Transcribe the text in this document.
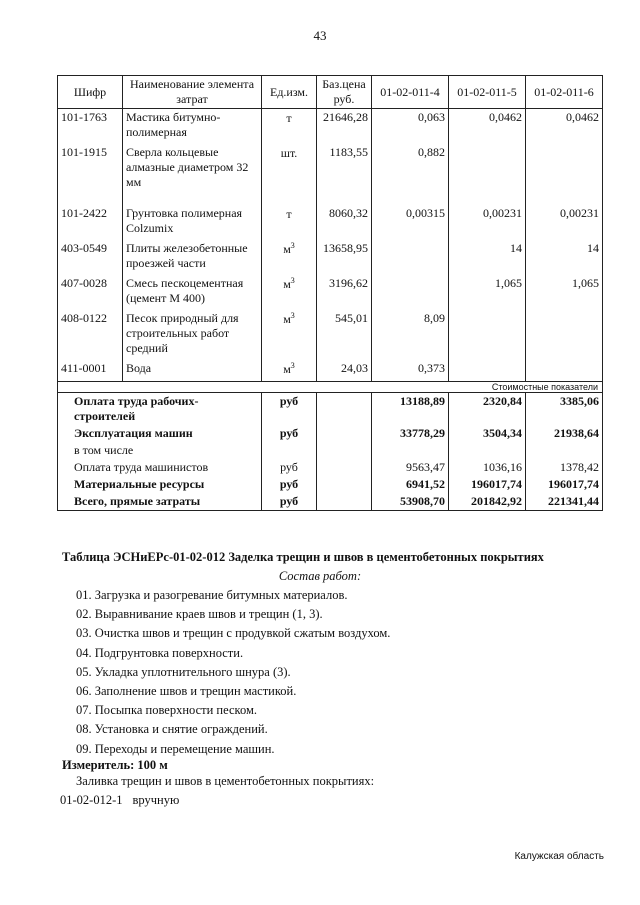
43
Шифр	Наименование элемента затрат	Ед.изм.	Баз.цена руб.	01-02-011-4	01-02-011-5	01-02-011-6
101-1763	Мастика битумно-полимерная	т	21646,28	0,063	0,0462	0,0462
101-1915	Сверла кольцевые алмазные диаметром 32 мм	шт.	1183,55	0,882		
101-2422	Грунтовка полимерная Colzumix	т	8060,32	0,00315	0,00231	0,00231
403-0549	Плиты железобетонные проезжей части	$м^3$	13658,95		14	14
407-0028	Смесь пескоцементная (цемент М 400)	$м^3$	3196,62		1,065	1,065
408-0122	Песок природный для строительных работ средний	$м^3$	545,01	8,09		
411-0001	Вода	$м^3$	24,03	0,373		
Стоимостные показатели						
Оплата труда рабочих-строителей		руб		13188,89	2320,84	3385,06
Эксплуатация машин		руб		33778,29	3504,34	21938,64
в том числе						
Оплата труда машинистов		руб		9563,47	1036,16	1378,42
Материальные ресурсы		руб		6941,52	196017,74	196017,74
Всего, прямые затраты		руб		53908,70	201842,92	221341,44
Таблица ЭСНиЕРс-01-02-012 Заделка трещин и швов в цементобетонных покрытиях
Состав работ:
01. Загрузка и разогревание битумных материалов.
02. Выравнивание краев швов и трещин (1, 3).
03. Очистка швов и трещин с продувкой сжатым воздухом.
04. Подгрунтовка поверхности.
05. Укладка уплотнительного шнура (3).
06. Заполнение швов и трещин мастикой.
07. Посыпка поверхности песком.
08. Установка и снятие ограждений.
09. Переходы и перемещение машин.
Измеритель: 100 м
Заливка трещин и швов в цементобетонных покрытиях:
01-02-012-1 вручную
Калужская область
